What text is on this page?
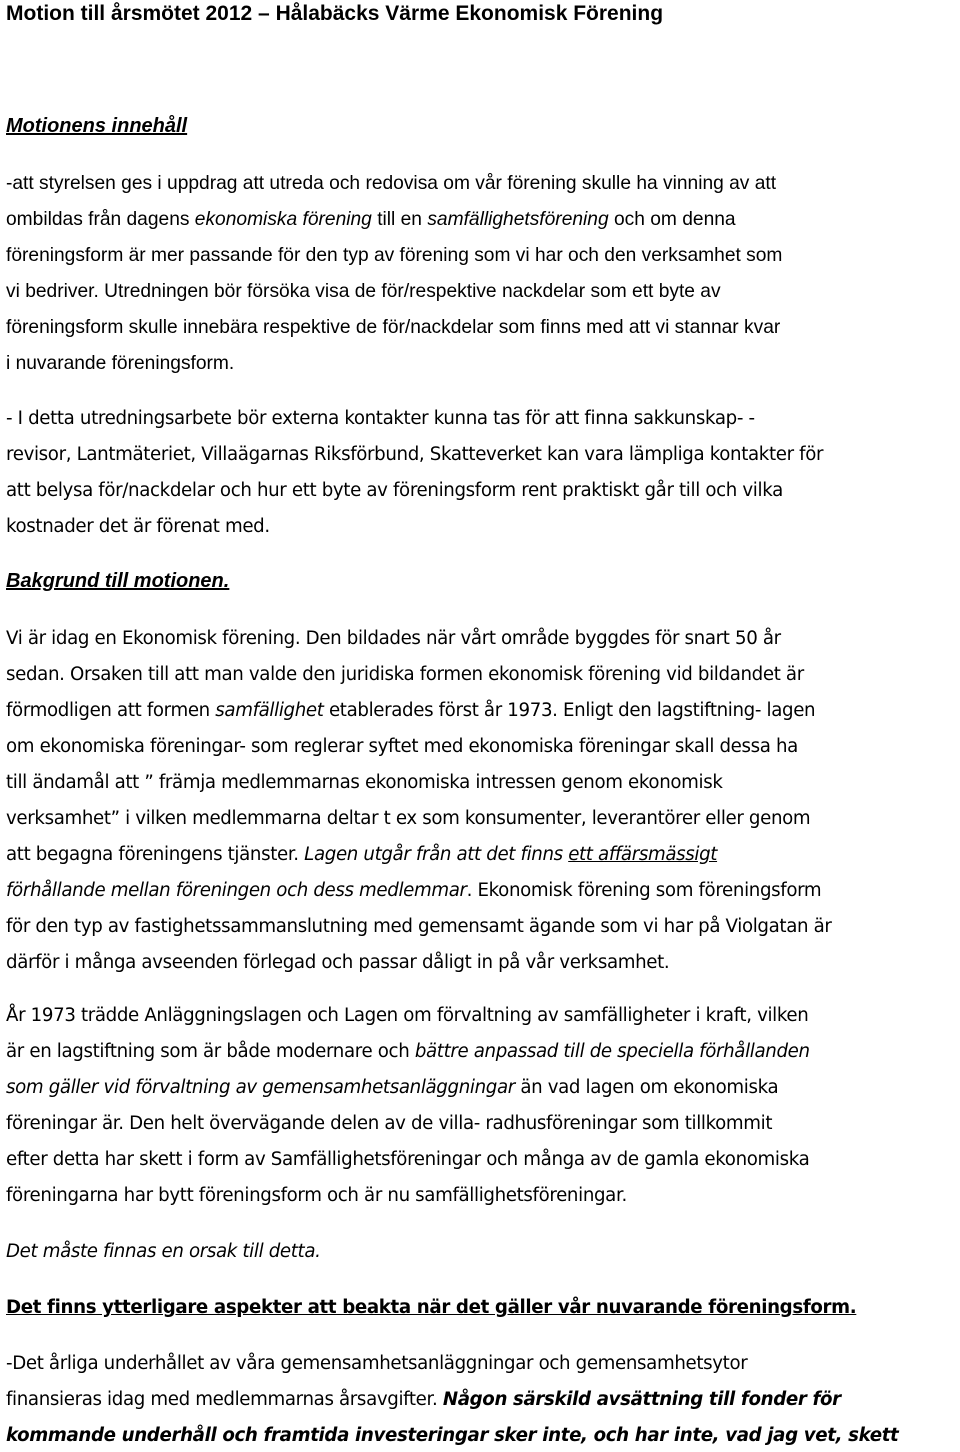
Motion till årsmötet 2012 – Hålabäcks Värme Ekonomisk Förening
Motionens innehåll
-att styrelsen ges i uppdrag att utreda och redovisa om vår förening skulle ha vinning av att
ombildas från dagens ekonomiska förening till en samfällighetsförening och om denna
föreningsform är mer passande för den typ av förening som vi har och den verksamhet som
vi bedriver. Utredningen bör försöka visa de för/respektive nackdelar som ett byte av
föreningsform skulle innebära respektive de för/nackdelar som finns med att vi stannar kvar
i nuvarande föreningsform.
- I detta utredningsarbete bör externa kontakter kunna tas för att finna sakkunskap- -
revisor, Lantmäteriet, Villaägarnas Riksförbund, Skatteverket kan vara lämpliga kontakter för
att belysa för/nackdelar och hur ett byte av föreningsform rent praktiskt går till och vilka
kostnader det är förenat med.
Bakgrund till motionen.
Vi är idag en Ekonomisk förening. Den bildades när vårt område byggdes för snart 50 år
sedan. Orsaken till att man valde den juridiska formen ekonomisk förening vid bildandet är
förmodligen att formen samfällighet etablerades först år 1973. Enligt den lagstiftning- lagen
om ekonomiska föreningar- som reglerar syftet med ekonomiska föreningar skall dessa ha
till ändamål att ” främja medlemmarnas ekonomiska intressen genom ekonomisk
verksamhet” i vilken medlemmarna deltar t ex som konsumenter, leverantörer eller genom
att begagna föreningens tjänster. Lagen utgår från att det finns ett affärsmässigt
förhållande mellan föreningen och dess medlemmar. Ekonomisk förening som föreningsform
för den typ av fastighetssammanslutning med gemensamt ägande som vi har på Violgatan är
därför i många avseenden förlegad och passar dåligt in på vår verksamhet.
År 1973 trädde Anläggningslagen och Lagen om förvaltning av samfälligheter i kraft, vilken
är en lagstiftning som är både modernare och bättre anpassad till de speciella förhållanden
som gäller vid förvaltning av gemensamhetsanläggningar än vad lagen om ekonomiska
föreningar är. Den helt övervägande delen av de villa- radhusföreningar som tillkommit
efter detta har skett i form av Samfällighetsföreningar och många av de gamla ekonomiska
föreningarna har bytt föreningsform och är nu samfällighetsföreningar.
Det måste finnas en orsak till detta.
Det finns ytterligare aspekter att beakta när det gäller vår nuvarande föreningsform.
-Det årliga underhållet av våra gemensamhetsanläggningar och gemensamhetsytor
finansieras idag med medlemmarnas årsavgifter. Någon särskild avsättning till fonder för
kommande underhåll och framtida investeringar sker inte, och har inte, vad jag vet, skett
